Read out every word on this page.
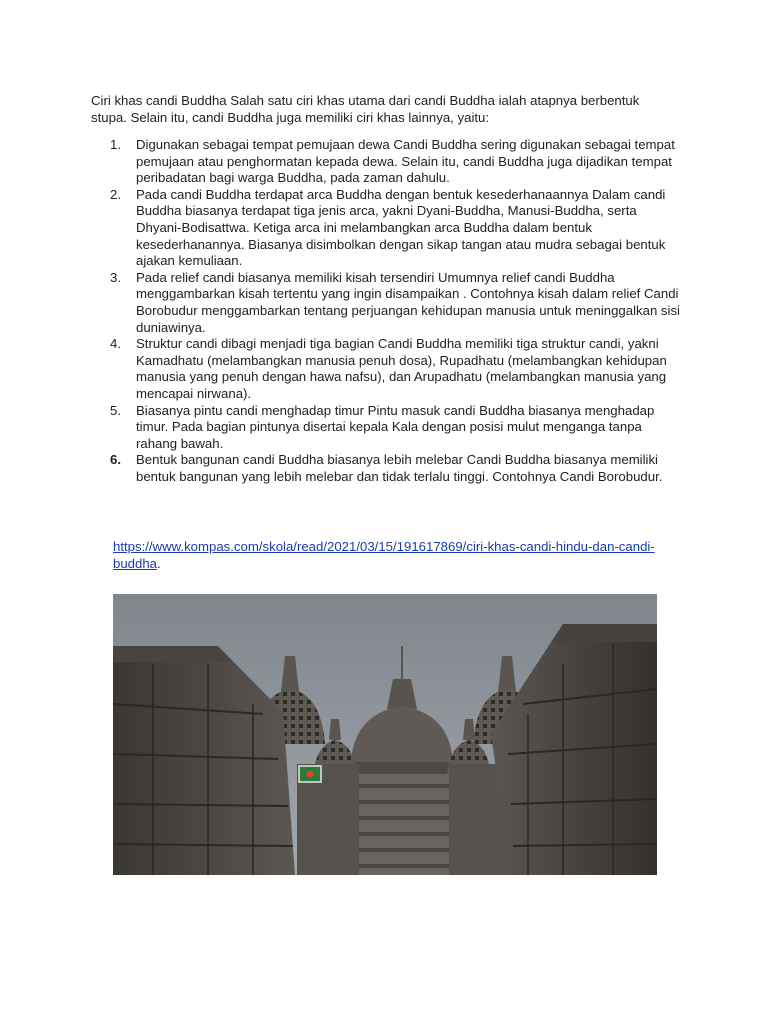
Ciri khas candi Buddha Salah satu ciri khas utama dari candi Buddha ialah atapnya berbentuk stupa. Selain itu, candi Buddha juga memiliki ciri khas lainnya, yaitu:

1.	Digunakan sebagai tempat pemujaan dewa Candi Buddha sering digunakan sebagai tempat pemujaan atau penghormatan kepada dewa. Selain itu, candi Buddha juga dijadikan tempat peribadatan bagi warga Buddha, pada zaman dahulu.
2.	Pada candi Buddha terdapat arca Buddha dengan bentuk kesederhanaannya Dalam candi Buddha biasanya terdapat tiga jenis arca, yakni Dyani-Buddha, Manusi-Buddha, serta Dhyani-Bodisattwa. Ketiga arca ini melambangkan arca Buddha dalam bentuk kesederhanannya. Biasanya disimbolkan dengan sikap tangan atau mudra sebagai bentuk ajakan kemuliaan.
3.	Pada relief candi biasanya memiliki kisah tersendiri Umumnya relief candi Buddha menggambarkan kisah tertentu yang ingin disampaikan . Contohnya kisah dalam relief Candi Borobudur menggambarkan tentang perjuangan kehidupan manusia untuk meninggalkan sisi duniawinya.
4.	Struktur candi dibagi menjadi tiga bagian Candi Buddha memiliki tiga struktur candi, yakni Kamadhatu (melambangkan manusia penuh dosa), Rupadhatu (melambangkan kehidupan manusia yang penuh dengan hawa nafsu), dan Arupadhatu (melambangkan manusia yang mencapai nirwana).
5.	Biasanya pintu candi menghadap timur Pintu masuk candi Buddha biasanya menghadap timur. Pada bagian pintunya disertai kepala Kala dengan posisi mulut menganga tanpa rahang bawah.
6.	Bentuk bangunan candi Buddha biasanya lebih melebar Candi Buddha biasanya memiliki bentuk bangunan yang lebih melebar dan tidak terlalu tinggi. Contohnya Candi Borobudur.

https://www.kompas.com/skola/read/2021/03/15/191617869/ciri-khas-candi-hindu-dan-candi-buddha.
